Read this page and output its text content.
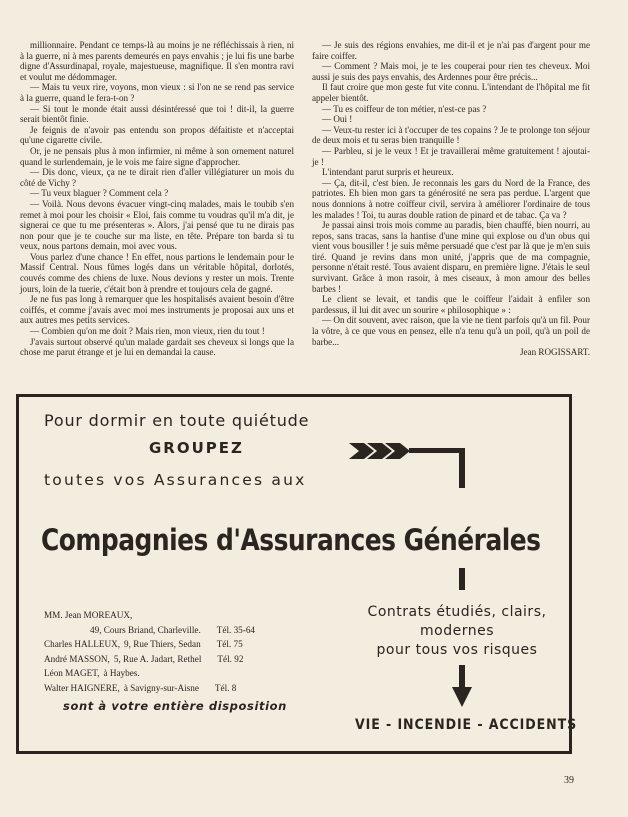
millionnaire. Pendant ce temps-là au moins je ne réfléchissais à rien, ni à la guerre, ni à mes parents demeurés en pays envahis ; je lui fis une barbe digne d'Assurdinapal, royale, majestueuse, magnifique. Il s'en montra ravi et voulut me dédommager.

— Mais tu veux rire, voyons, mon vieux : si l'on ne se rend pas service à la guerre, quand le fera-t-on ?

— Si tout le monde était aussi désintéressé que toi ! dit-il, la guerre serait bientôt finie.

Je feignis de n'avoir pas entendu son propos défaitiste et n'acceptai qu'une cigarette civile.

Or, je ne pensais plus à mon infirmier, ni même à son ornement naturel quand le surlendemain, je le vois me faire signe d'approcher.

— Dis donc, vieux, ça ne te dirait rien d'aller villégiaturer un mois du côté de Vichy ?

— Tu veux blaguer ? Comment cela ?

— Voilà. Nous devons évacuer vingt-cinq malades, mais le toubib s'en remet à moi pour les choisir « Eloi, fais comme tu voudras qu'il m'a dit, je signerai ce que tu me présenteras ». Alors, j'ai pensé que tu ne dirais pas non pour que je te couche sur ma liste, en tête. Prépare ton barda si tu veux, nous partons demain, moi avec vous.

Vous parlez d'une chance ! En effet, nous partions le lendemain pour le Massif Central. Nous fûmes logés dans un véritable hôpital, dorlotés, couvés comme des chiens de luxe. Nous devions y rester un mois. Trente jours, loin de la tuerie, c'était bon à prendre et toujours cela de gagné.

Je ne fus pas long à remarquer que les hospitalisés avaient besoin d'être coiffés, et comme j'avais avec moi mes instruments je proposai aux uns et aux autres mes petits services.

— Combien qu'on me doit ? Mais rien, mon vieux, rien du tout !

J'avais surtout observé qu'un malade gardait ses cheveux si longs que la chose me parut étrange et je lui en demandai la cause.

— Je suis des régions envahies, me dit-il et je n'ai pas d'argent pour me faire coiffer.

— Comment ? Mais moi, je te les couperai pour rien tes cheveux. Moi aussi je suis des pays envahis, des Ardennes pour être précis...

Il faut croire que mon geste fut vite connu. L'intendant de l'hôpital me fit appeler bientôt.

— Tu es coiffeur de ton métier, n'est-ce pas ?

— Oui !

— Veux-tu rester ici à t'occuper de tes copains ? Je te prolonge ton séjour de deux mois et tu seras bien tranquille !

— Parbleu, si je le veux ! Et je travaillerai même gratuitement ! ajoutai-je !

L'intendant parut surpris et heureux.

— Ça, dit-il, c'est bien. Je reconnais les gars du Nord de la France, des patriotes. Eh bien mon gars ta générosité ne sera pas perdue. L'argent que nous donnions à notre coiffeur civil, servira à améliorer l'ordinaire de tous les malades ! Toi, tu auras double ration de pinard et de tabac. Ça va ?

Je passai ainsi trois mois comme au paradis, bien chauffé, bien nourri, au repos, sans tracas, sans la hantise d'une mine qui explose ou d'un obus qui vient vous bousiller ! je suis même persuadé que c'est par là que je m'en suis tiré. Quand je revins dans mon unité, j'appris que de ma compagnie, personne n'était resté. Tous avaient disparu, en première ligne. J'étais le seul survivant. Grâce à mon rasoir, à mes ciseaux, à mon amour des belles barbes !

Le client se levait, et tandis que le coiffeur l'aidait à enfiler son pardessus, il lui dit avec un sourire « philosophique » :

— On dit souvent, avec raison, que la vie ne tient parfois qu'à un fil. Pour la vôtre, à ce que vous en pensez, elle n'a tenu qu'à un poil, qu'à un poil de barbe...

Jean ROGISSART.

Pour dormir en toute quiétude
GROUPEZ
toutes vos Assurances aux
Compagnies d'Assurances Générales
MM. Jean MOREAUX,
49, Cours Briand, Charleville. Tél. 35-64
Charles HALLEUX, 9, Rue Thiers, Sedan Tél. 75
André MASSON, 5, Rue A. Jadart, Rethel Tél. 92
Léon MAGET, à Haybes.
Walter HAIGNERE, à Savigny-sur-Aisne Tél. 8
sont à votre entière disposition
Contrats étudiés, clairs,
modernes
pour tous vos risques
VIE - INCENDIE - ACCIDENTS
39
